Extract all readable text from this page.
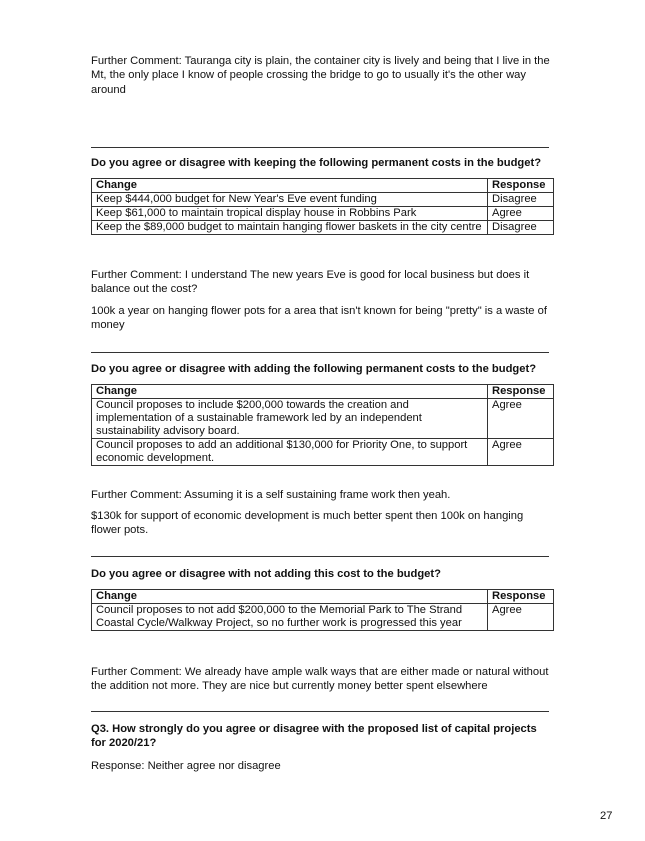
Further Comment: Tauranga city is plain, the container city is lively and being that I live in the Mt, the only place I know of people crossing the bridge to go to usually it's the other way around

Do you agree or disagree with keeping the following permanent costs in the budget?

Change	Response
Keep $444,000 budget for New Year's Eve event funding	Disagree
Keep $61,000 to maintain tropical display house in Robbins Park	Agree
Keep the $89,000 budget to maintain hanging flower baskets in the city centre	Disagree

Further Comment: I understand The new years Eve is good for local business but does it balance out the cost?

100k a year on hanging flower pots for a area that isn't known for being "pretty" is a waste of money

Do you agree or disagree with adding the following permanent costs to the budget?

Change	Response
Council proposes to include $200,000 towards the creation and implementation of a sustainable framework led by an independent sustainability advisory board.	Agree
Council proposes to add an additional $130,000 for Priority One, to support economic development.	Agree

Further Comment: Assuming it is a self sustaining frame work then yeah.

$130k for support of economic development is much better spent then 100k on hanging flower pots.

Do you agree or disagree with not adding this cost to the budget?

Change	Response
Council proposes to not add $200,000 to the Memorial Park to The Strand Coastal Cycle/Walkway Project, so no further work is progressed this year	Agree

Further Comment: We already have ample walk ways that are either made or natural without the addition not more. They are nice but currently money better spent elsewhere

Q3. How strongly do you agree or disagree with the proposed list of capital projects for 2020/21?

Response: Neither agree nor disagree

27
